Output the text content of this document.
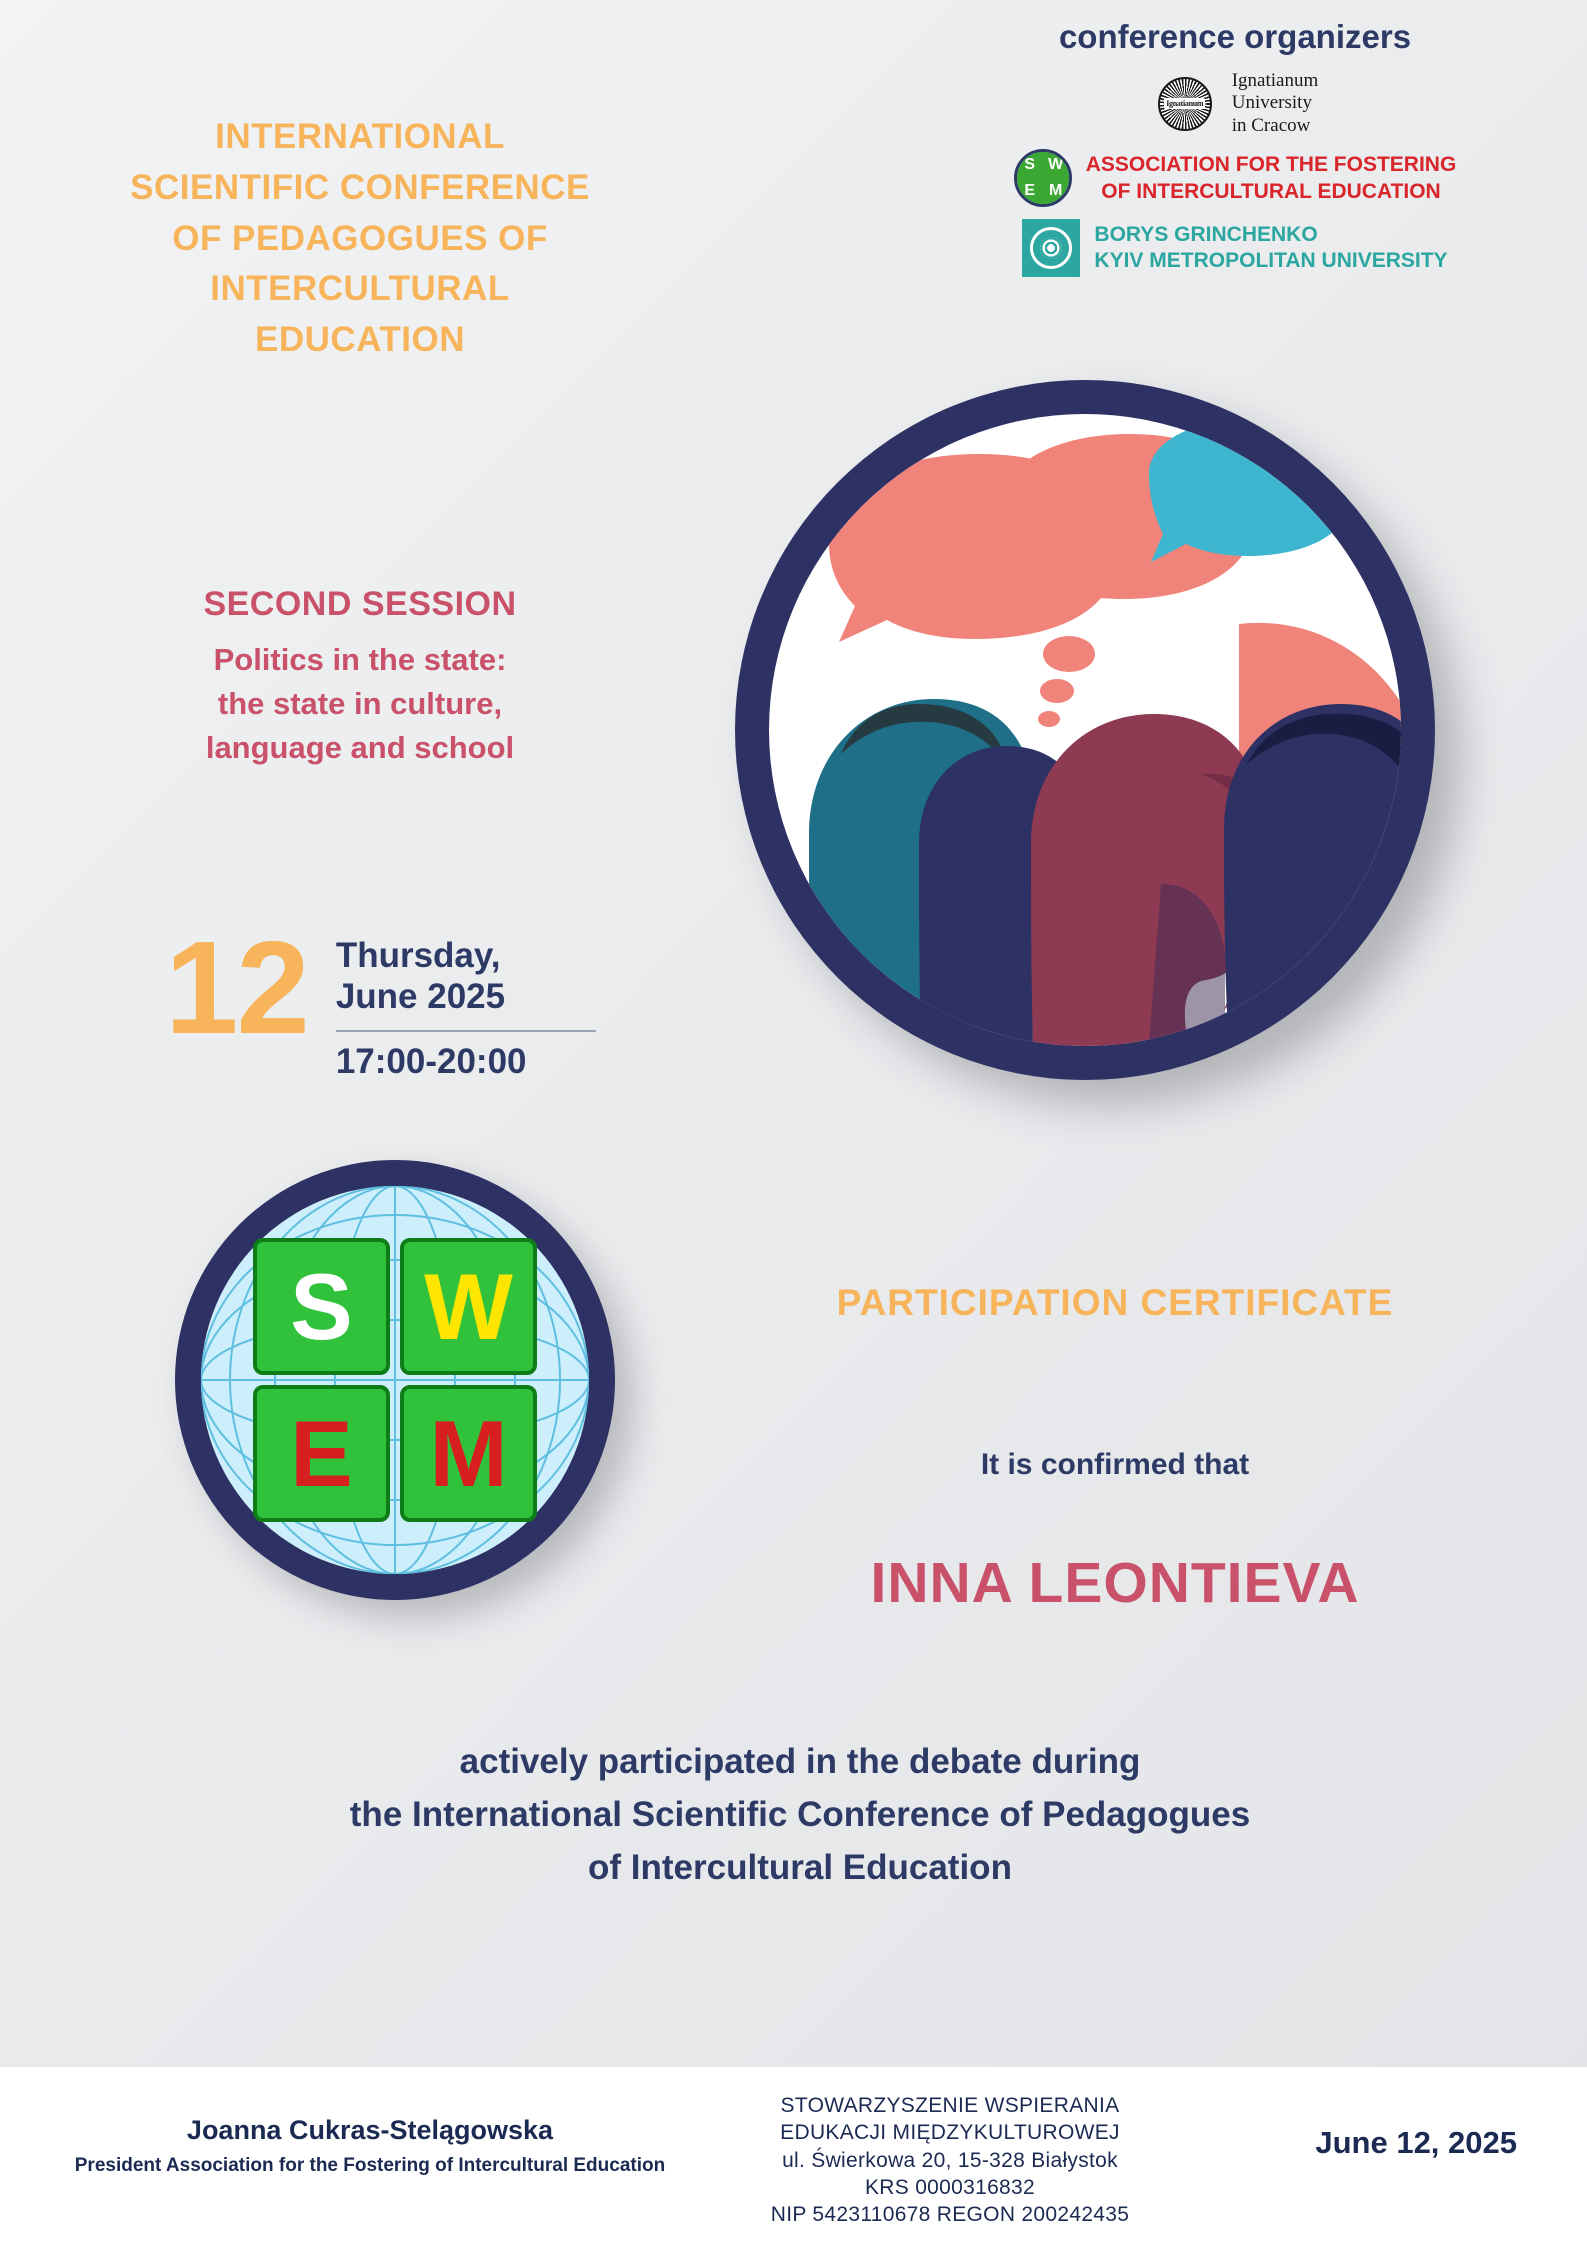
INTERNATIONAL
SCIENTIFIC CONFERENCE
OF PEDAGOGUES OF
INTERCULTURAL
EDUCATION
SECOND SESSION
Politics in the state:
the state in culture,
language and school
12 Thursday,
June 2025
17:00-20:00
conference organizers
Ignatianum
Ignatianum
University
in Cracow
S W
E M
ASSOCIATION FOR THE FOSTERING
OF INTERCULTURAL EDUCATION
BORYS GRINCHENKO
KYIV METROPOLITAN UNIVERSITY
S W
E M
PARTICIPATION CERTIFICATE
It is confirmed that
INNA LEONTIEVA
actively participated in the debate during
the International Scientific Conference of Pedagogues
of Intercultural Education
Joanna Cukras-Stelągowska
President Association for the Fostering of Intercultural Education
STOWARZYSZENIE WSPIERANIA
EDUKACJI MIĘDZYKULTUROWEJ
ul. Świerkowa 20, 15-328 Białystok
KRS 0000316832
NIP 5423110678 REGON 200242435
June 12, 2025
